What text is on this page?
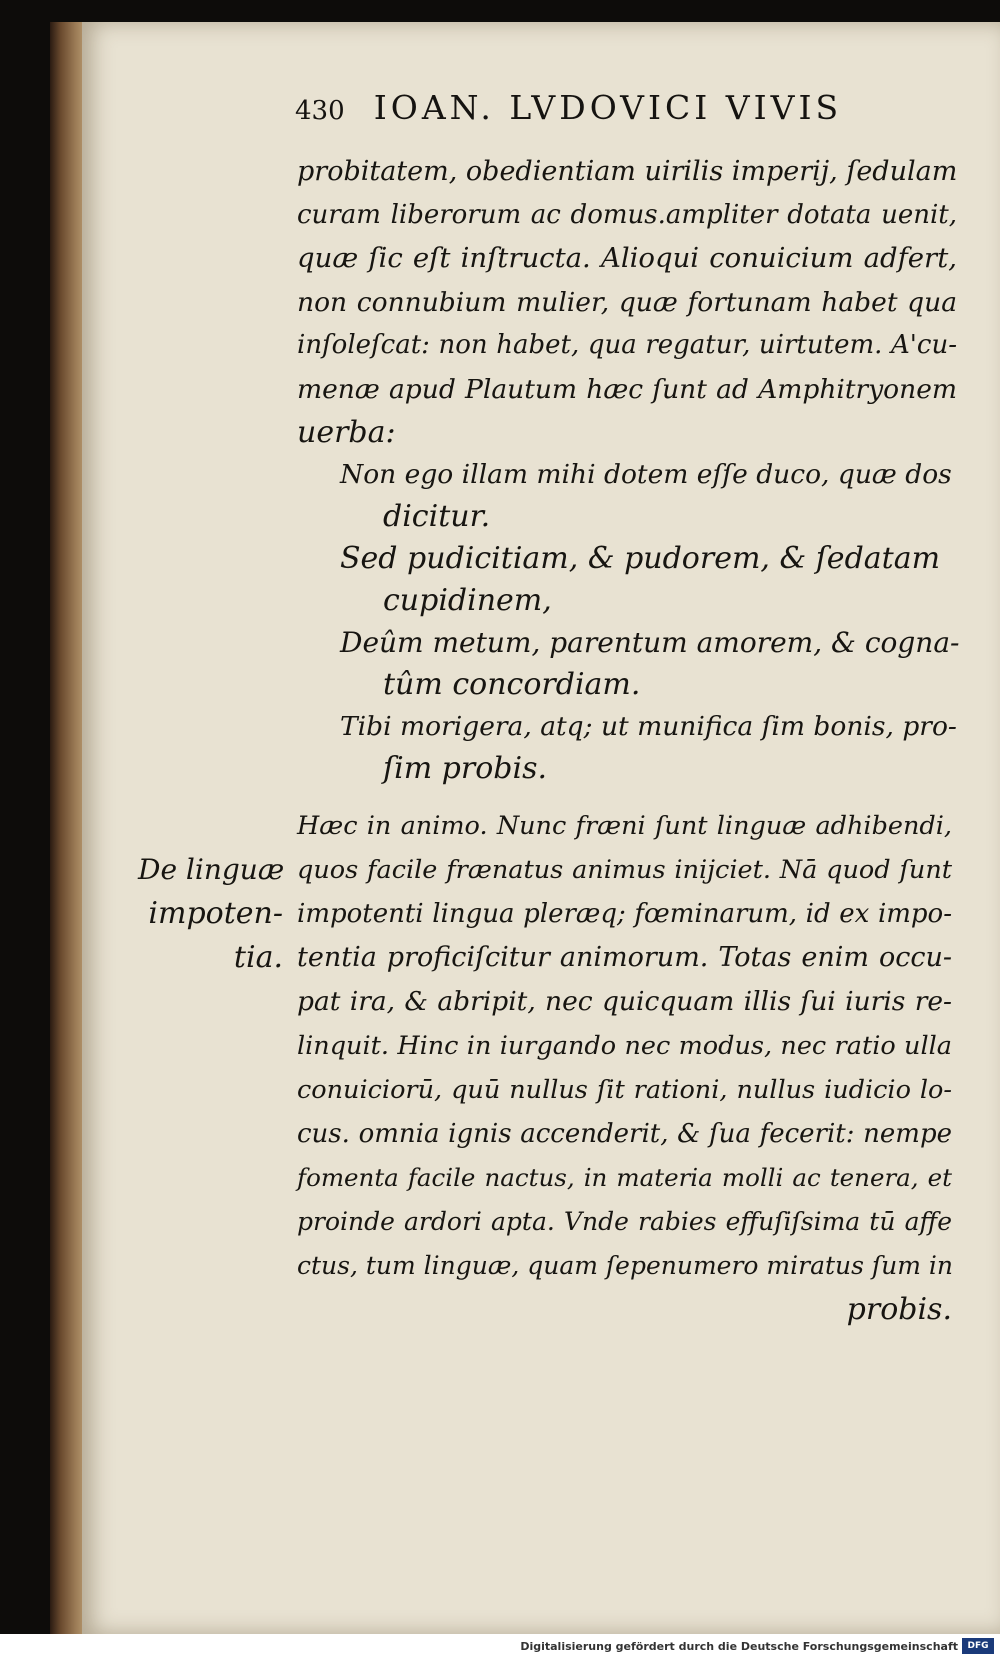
430 IOAN. LVDOVICI VIVIS
probitatem, obedientiam uirilis imperij, ſedulam
curam liberorum ac domus.ampliter dotata uenit,
quæ ſic eſt inſtructa. Alioqui conuicium adfert,
non connubium mulier, quæ fortunam habet qua
inſoleſcat: non habet, qua regatur, uirtutem. A'cu-
menæ apud Plautum hæc ſunt ad Amphitryonem
uerba:
Non ego illam mihi dotem eſſe duco, quæ dos
dicitur.
Sed pudicitiam, & pudorem, & ſedatam
cupidinem,
Deûm metum, parentum amorem, & cogna-
tûm concordiam.
Tibi morigera, atq; ut munifica ſim bonis, pro-
ſim probis.
De linguæ
impoten-
tia.
Hæc in animo. Nunc fræni ſunt linguæ adhibendi,
quos facile frænatus animus inijciet. Nā quod ſunt
impotenti lingua pleræq; fœminarum, id ex impo-
tentia proficiſcitur animorum. Totas enim occu-
pat ira, & abripit, nec quicquam illis ſui iuris re-
linquit. Hinc in iurgando nec modus, nec ratio ulla
conuiciorū, quū nullus ſit rationi, nullus iudicio lo-
cus. omnia ignis accenderit, & ſua fecerit: nempe
fomenta facile nactus, in materia molli ac tenera, et
proinde ardori apta. Vnde rabies effuſiſsima tū affe
ctus, tum linguæ, quam ſepenumero miratus ſum in
probis.
Digitalisierung gefördert durch die Deutsche Forschungsgemeinschaft	DFG
